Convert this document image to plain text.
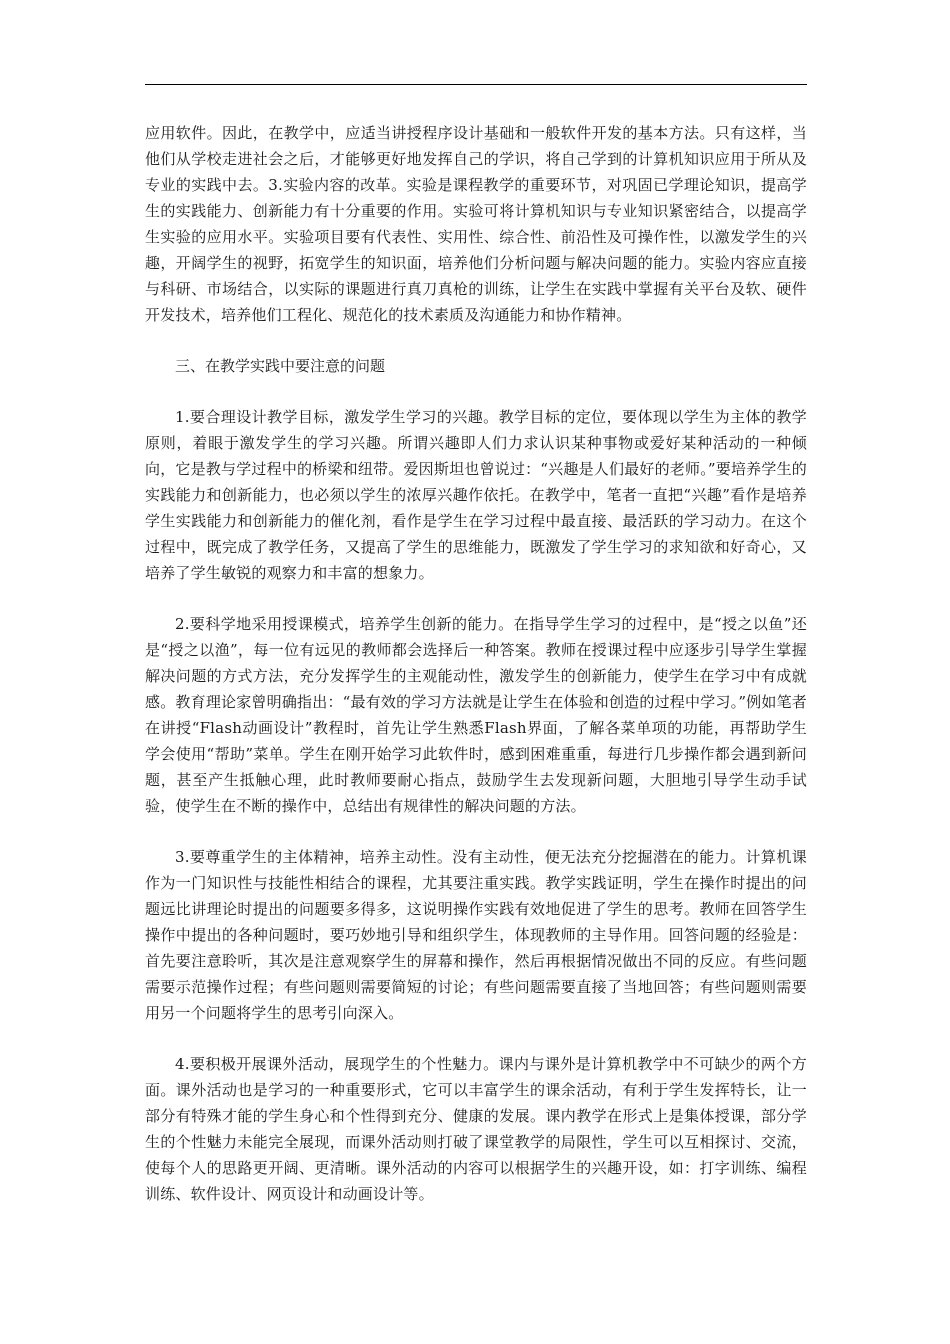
应用软件。因此，在教学中，应适当讲授程序设计基础和一般软件开发的基本方法。只有这样，当他们从学校走进社会之后，才能够更好地发挥自己的学识，将自己学到的计算机知识应用于所从及专业的实践中去。3.实验内容的改革。实验是课程教学的重要环节，对巩固已学理论知识，提高学生的实践能力、创新能力有十分重要的作用。实验可将计算机知识与专业知识紧密结合，以提高学生实验的应用水平。实验项目要有代表性、实用性、综合性、前沿性及可操作性，以激发学生的兴趣，开阔学生的视野，拓宽学生的知识面，培养他们分析问题与解决问题的能力。实验内容应直接与科研、市场结合，以实际的课题进行真刀真枪的训练，让学生在实践中掌握有关平台及软、硬件开发技术，培养他们工程化、规范化的技术素质及沟通能力和协作精神。

三、在教学实践中要注意的问题

1.要合理设计教学目标，激发学生学习的兴趣。教学目标的定位，要体现以学生为主体的教学原则，着眼于激发学生的学习兴趣。所谓兴趣即人们力求认识某种事物或爱好某种活动的一种倾向，它是教与学过程中的桥梁和纽带。爱因斯坦也曾说过：“兴趣是人们最好的老师。”要培养学生的实践能力和创新能力，也必须以学生的浓厚兴趣作依托。在教学中，笔者一直把“兴趣”看作是培养学生实践能力和创新能力的催化剂，看作是学生在学习过程中最直接、最活跃的学习动力。在这个过程中，既完成了教学任务，又提高了学生的思维能力，既激发了学生学习的求知欲和好奇心，又培养了学生敏锐的观察力和丰富的想象力。

2.要科学地采用授课模式，培养学生创新的能力。在指导学生学习的过程中，是“授之以鱼”还是“授之以渔”，每一位有远见的教师都会选择后一种答案。教师在授课过程中应逐步引导学生掌握解决问题的方式方法，充分发挥学生的主观能动性，激发学生的创新能力，使学生在学习中有成就感。教育理论家曾明确指出：“最有效的学习方法就是让学生在体验和创造的过程中学习。”例如笔者在讲授“Flash动画设计”教程时，首先让学生熟悉Flash界面，了解各菜单项的功能，再帮助学生学会使用“帮助”菜单。学生在刚开始学习此软件时，感到困难重重，每进行几步操作都会遇到新问题，甚至产生抵触心理，此时教师要耐心指点，鼓励学生去发现新问题，大胆地引导学生动手试验，使学生在不断的操作中，总结出有规律性的解决问题的方法。

3.要尊重学生的主体精神，培养主动性。没有主动性，便无法充分挖掘潜在的能力。计算机课作为一门知识性与技能性相结合的课程，尤其要注重实践。教学实践证明，学生在操作时提出的问题远比讲理论时提出的问题要多得多，这说明操作实践有效地促进了学生的思考。教师在回答学生操作中提出的各种问题时，要巧妙地引导和组织学生，体现教师的主导作用。回答问题的经验是：首先要注意聆听，其次是注意观察学生的屏幕和操作，然后再根据情况做出不同的反应。有些问题需要示范操作过程；有些问题则需要简短的讨论；有些问题需要直接了当地回答；有些问题则需要用另一个问题将学生的思考引向深入。

4.要积极开展课外活动，展现学生的个性魅力。课内与课外是计算机教学中不可缺少的两个方面。课外活动也是学习的一种重要形式，它可以丰富学生的课余活动，有利于学生发挥特长，让一部分有特殊才能的学生身心和个性得到充分、健康的发展。课内教学在形式上是集体授课，部分学生的个性魅力未能完全展现，而课外活动则打破了课堂教学的局限性，学生可以互相探讨、交流，使每个人的思路更开阔、更清晰。课外活动的内容可以根据学生的兴趣开设，如：打字训练、编程训练、软件设计、网页设计和动画设计等。
